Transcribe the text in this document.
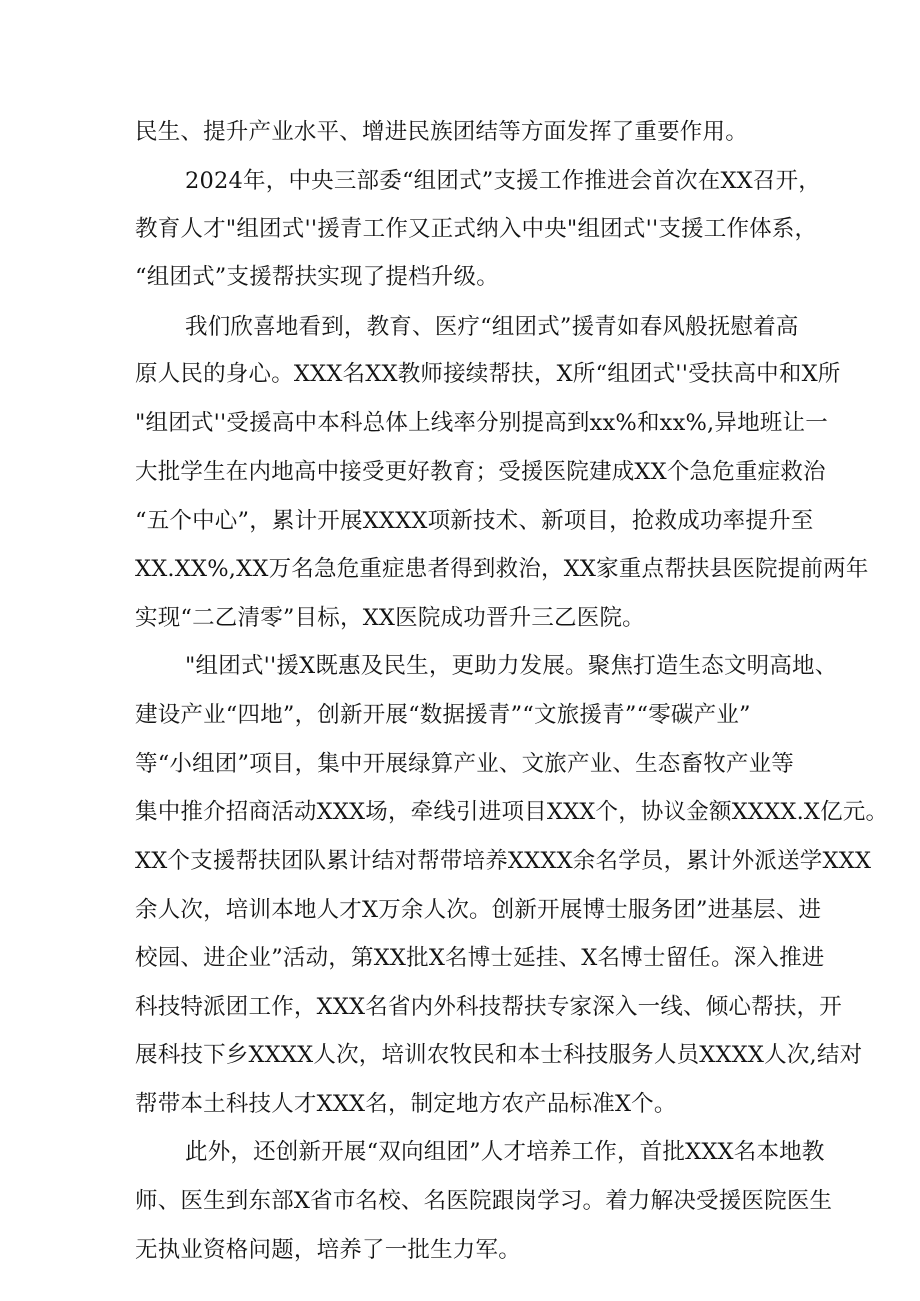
民生、提升产业水平、增进民族团结等方面发挥了重要作用。
2024年，中央三部委“组团式”支援工作推进会首次在XX召开，
教育人才"组团式''援青工作又正式纳入中央"组团式''支援工作体系，
“组团式”支援帮扶实现了提档升级。
我们欣喜地看到，教育、医疗“组团式”援青如春风般抚慰着高
原人民的身心。XXX名XX教师接续帮扶，X所“组团式''受扶高中和X所
"组团式''受援高中本科总体上线率分别提高到xx%和xx%,异地班让一
大批学生在内地高中接受更好教育；受援医院建成XX个急危重症救治
“五个中心”，累计开展XXXX项新技术、新项目，抢救成功率提升至
XX.XX%,XX万名急危重症患者得到救治，XX家重点帮扶县医院提前两年
实现“二乙清零”目标，XX医院成功晋升三乙医院。
"组团式''援X既惠及民生，更助力发展。聚焦打造生态文明高地、
建设产业“四地”，创新开展“数据援青”“文旅援青”“零碳产业”
等“小组团”项目，集中开展绿算产业、文旅产业、生态畜牧产业等
集中推介招商活动XXX场，牵线引进项目XXX个，协议金额XXXX.X亿元。
XX个支援帮扶团队累计结对帮带培养XXXX余名学员，累计外派送学XXX
余人次，培训本地人才X万余人次。创新开展博士服务团”进基层、进
校园、进企业”活动，第XX批X名博士延挂、X名博士留任。深入推进
科技特派团工作，XXX名省内外科技帮扶专家深入一线、倾心帮扶，开
展科技下乡XXXX人次，培训农牧民和本士科技服务人员XXXX人次,结对
帮带本土科技人才XXX名，制定地方农产品标准X个。
此外，还创新开展“双向组团”人才培养工作，首批XXX名本地教
师、医生到东部X省市名校、名医院跟岗学习。着力解决受援医院医生
无执业资格问题，培养了一批生力军。
